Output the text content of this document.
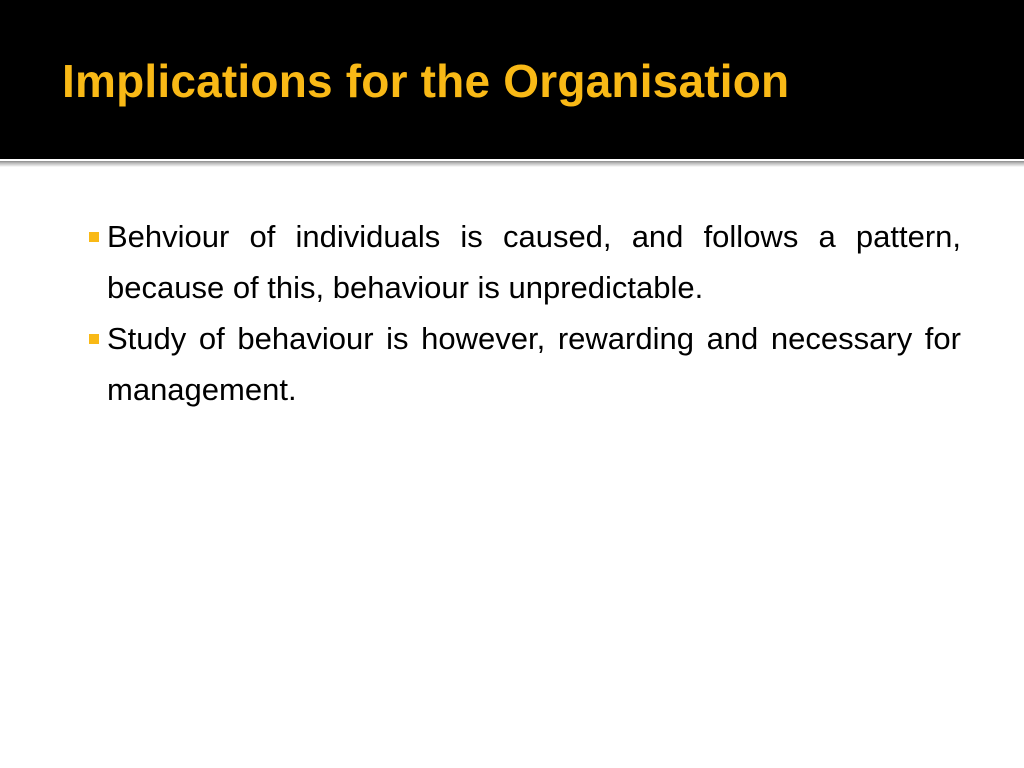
Implications for the Organisation
Behviour of individuals is caused, and follows a pattern, because of this, behaviour is unpredictable.
Study of behaviour is however, rewarding and necessary for management.
